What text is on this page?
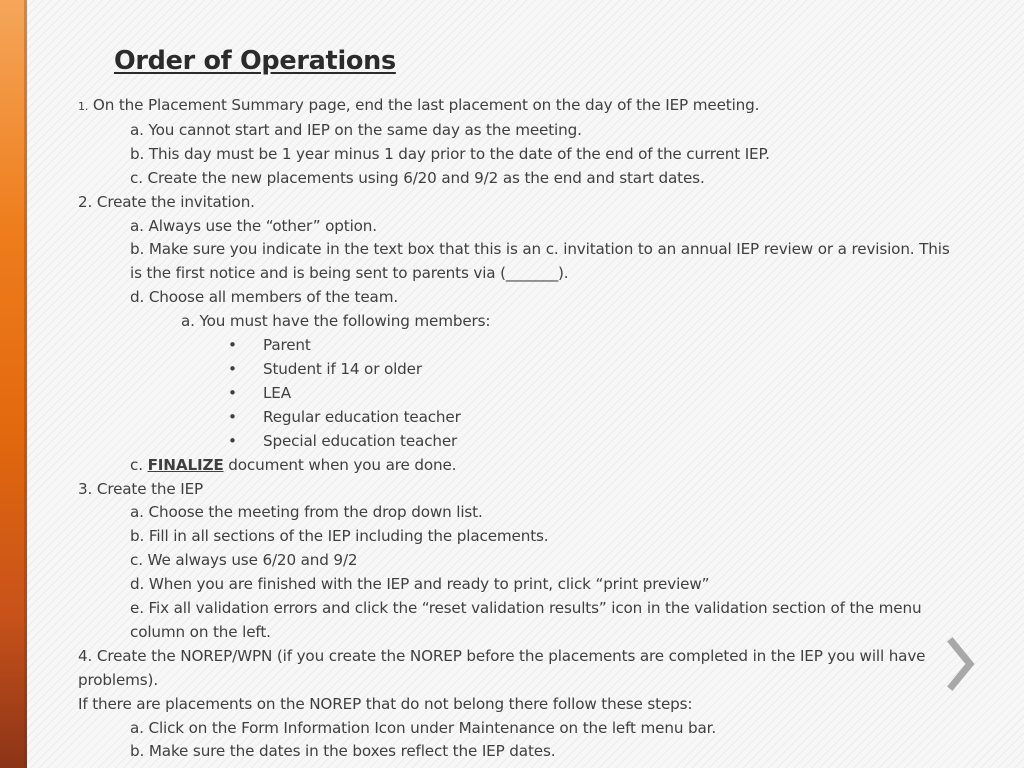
Order of Operations
1. On the Placement Summary page, end the last placement on the day of the IEP meeting.
a. You cannot start and IEP on the same day as the meeting.
b. This day must be 1 year minus 1 day prior to the date of the end of the current IEP.
c. Create the new placements using 6/20 and 9/2 as the end and start dates.
2. Create the invitation.
a. Always use the “other” option.
b. Make sure you indicate in the text box that this is an c. invitation to an annual IEP review or a revision. This is the first notice and is being sent to parents via (_______).
d. Choose all members of the team.
a. You must have the following members:
•	Parent
•	Student if 14 or older
•	LEA
•	Regular education teacher
•	Special education teacher
c. FINALIZE document when you are done.
3. Create the IEP
a. Choose the meeting from the drop down list.
b. Fill in all sections of the IEP including the placements.
c. We always use 6/20 and 9/2
d. When you are finished with the IEP and ready to print, click “print preview”
e. Fix all validation errors and click the “reset validation results” icon in the validation section of the menu column on the left.
4. Create the NOREP/WPN (if you create the NOREP before the placements are completed in the IEP you will have problems).
If there are placements on the NOREP that do not belong there follow these steps:
a. Click on the Form Information Icon under Maintenance on the left menu bar.
b. Make sure the dates in the boxes reflect the IEP dates.
